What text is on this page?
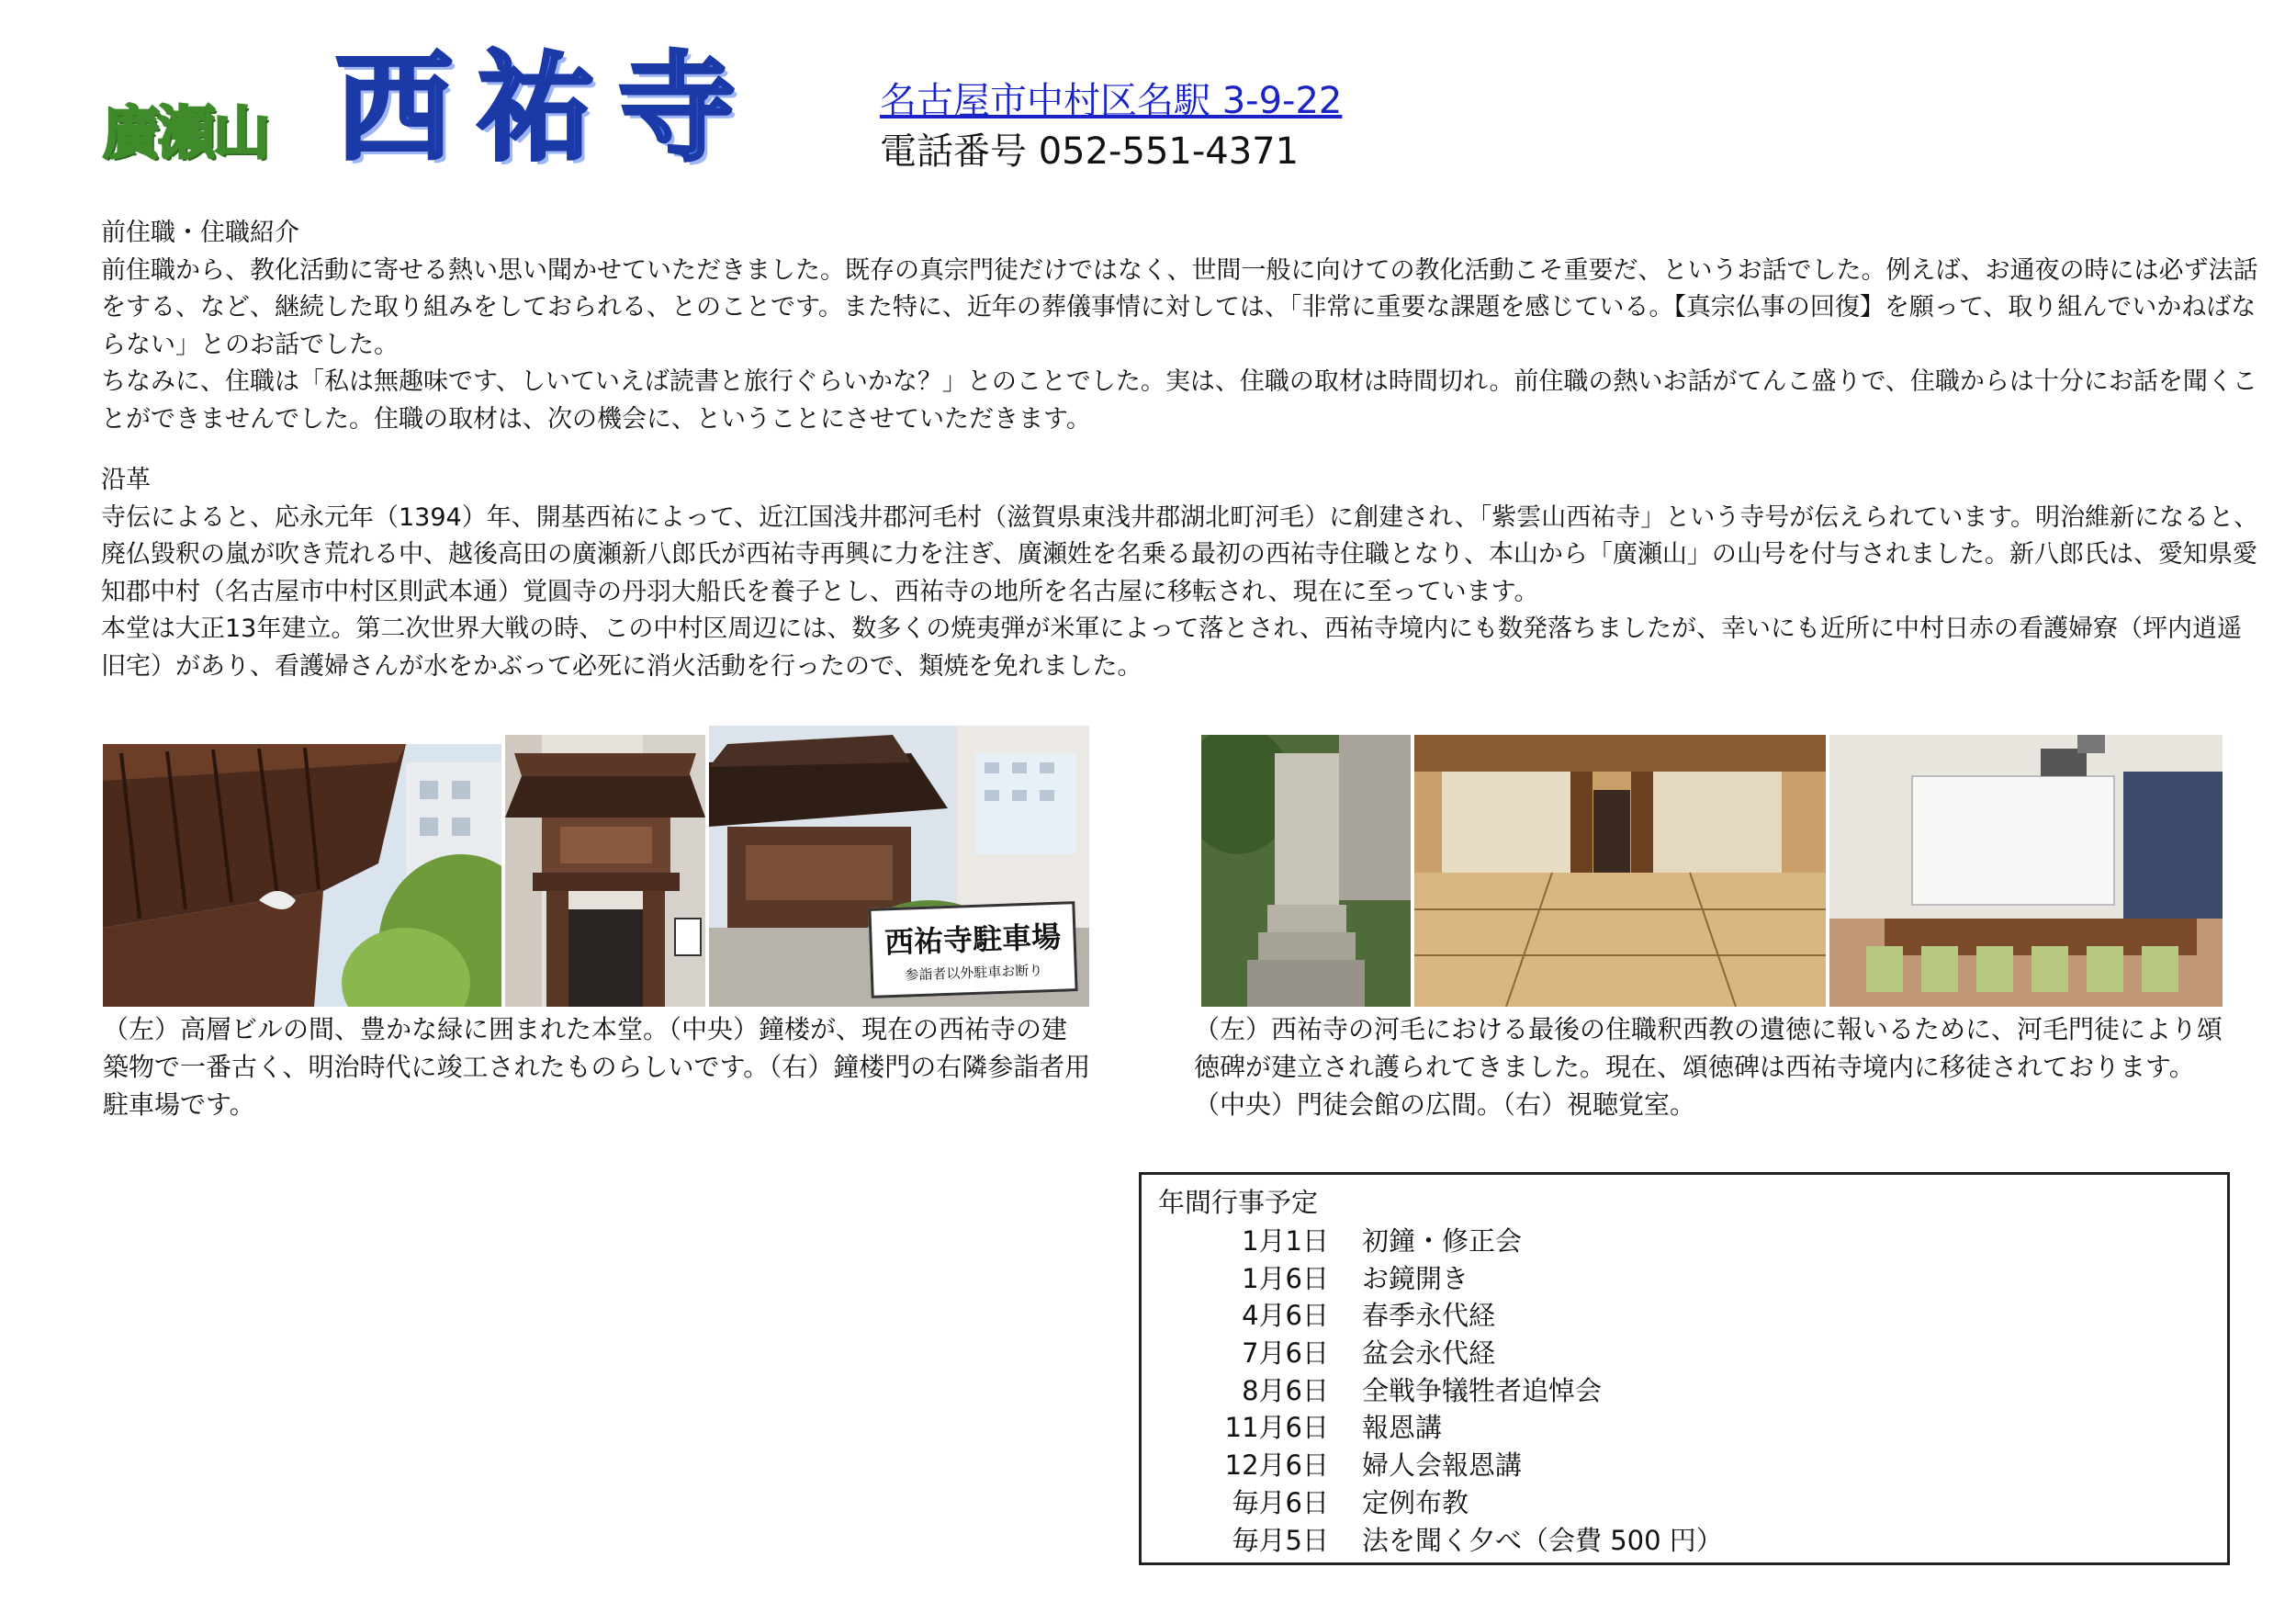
廣瀬山 西祐寺	名古屋市中村区名駅 3-9-22
電話番号 052-551-4371

前住職・住職紹介

前住職から、教化活動に寄せる熱い思い聞かせていただきました。既存の真宗門徒だけではなく、世間一般に向けての教化活動こそ重要だ、というお話でした。例えば、お通夜の時には必ず法話をする、など、継続した取り組みをしておられる、とのことです。また特に、近年の葬儀事情に対しては、「非常に重要な課題を感じている。【真宗仏事の回復】を願って、取り組んでいかねばならない」とのお話でした。

ちなみに、住職は「私は無趣味です、しいていえば読書と旅行ぐらいかな？」とのことでした。実は、住職の取材は時間切れ。前住職の熱いお話がてんこ盛りで、住職からは十分にお話を聞くことができませんでした。住職の取材は、次の機会に、ということにさせていただきます。

沿革

寺伝によると、応永元年（1394）年、開基西祐によって、近江国浅井郡河毛村（滋賀県東浅井郡湖北町河毛）に創建され、「紫雲山西祐寺」という寺号が伝えられています。明治維新になると、廃仏毀釈の嵐が吹き荒れる中、越後高田の廣瀬新八郎氏が西祐寺再興に力を注ぎ、廣瀬姓を名乗る最初の西祐寺住職となり、本山から「廣瀬山」の山号を付与されました。新八郎氏は、愛知県愛知郡中村（名古屋市中村区則武本通）覚圓寺の丹羽大船氏を養子とし、西祐寺の地所を名古屋に移転され、現在に至っています。

本堂は大正13年建立。第二次世界大戦の時、この中村区周辺には、数多くの焼夷弾が米軍によって落とされ、西祐寺境内にも数発落ちましたが、幸いにも近所に中村日赤の看護婦寮（坪内逍遥旧宅）があり、看護婦さんが水をかぶって必死に消火活動を行ったので、類焼を免れました。

西祐寺駐車場
参詣者以外駐車お断り
（左）高層ビルの間、豊かな緑に囲まれた本堂。（中央）鐘楼が、現在の西祐寺の建築物で一番古く、明治時代に竣工されたものらしいです。（右）鐘楼門の右隣参詣者用駐車場です。
（左）西祐寺の河毛における最後の住職釈西教の遺徳に報いるために、河毛門徒により頌徳碑が建立され護られてきました。現在、頌徳碑は西祐寺境内に移徒されております。（中央）門徒会館の広間。（右）視聴覚室。
年間行事予定
1月1日 初鐘・修正会
1月6日 お鏡開き
4月6日 春季永代経
7月6日 盆会永代経
8月6日 全戦争犠牲者追悼会
11月6日 報恩講
12月6日 婦人会報恩講
毎月6日 定例布教
毎月5日 法を聞く夕べ（会費 500 円）
